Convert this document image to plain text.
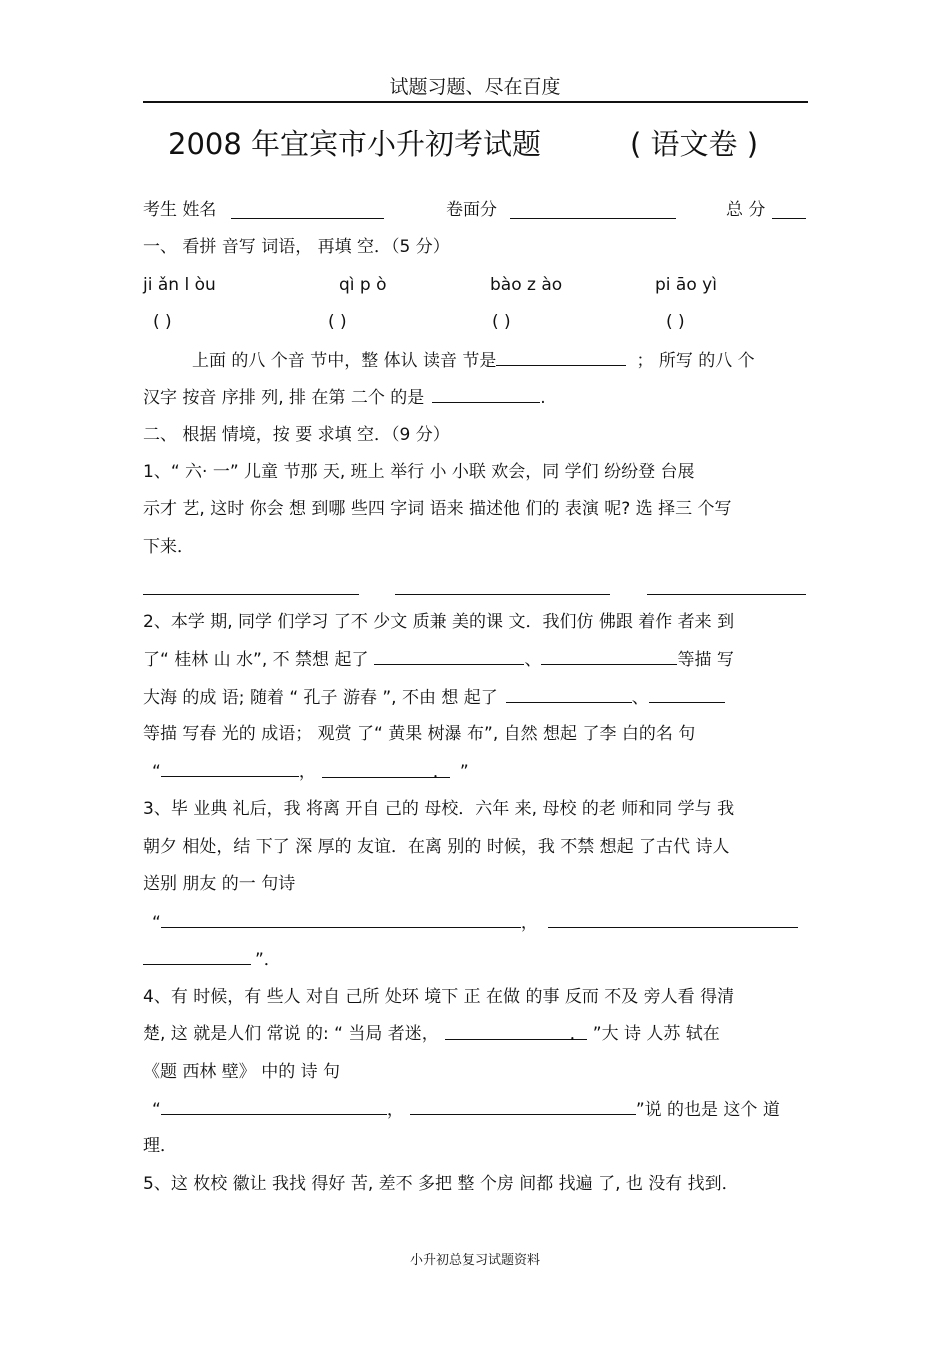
试题习题、尽在百度
2008 年宜宾市小升初考试题	( 语文卷 )
考生 姓名	卷面分	总 分
一、 看拼 音写 词语， 再填 空．（5 分）
ji ǎn l òu	qì p ò	bào z ào	pi āo yì
( )	( )	( )	( )
上面 的八 个音 节中，整 体认 读音 节是	； 所写 的八 个
汉字 按音 序排 列, 排 在第 二个 的是	.
二、 根据 情境，按 要 求填 空．（9 分）
1、“ 六· 一” 儿童 节那 天, 班上 举行 小 小联 欢会，同 学们 纷纷登 台展
示才 艺, 这时 你会 想 到哪 些四 字词 语来 描述他 们的 表演 呢? 选 择三 个写
下来．
2、本学 期, 同学 们学习 了不 少文 质兼 美的课 文．我们仿 佛跟 着作 者来 到
了“ 桂林 山 水”, 不 禁想 起了	、	等描 写
大海 的成 语; 随着 “ 孔子 游春 ”, 不由 想 起了	、
等描 写春 光的 成语； 观赏 了“ 黄果 树瀑 布”, 自然 想起 了李 白的名 句
“	，	． ”
3、毕 业典 礼后，我 将离 开自 己的 母校．六年 来, 母校 的老 师和同 学与 我
朝夕 相处，结 下了 深 厚的 友谊．在离 别的 时候，我 不禁 想起 了古代 诗人
送别 朋友 的一 句诗
“	，
”．
4、有 时候，有 些人 对自 己所 处环 境下 正 在做 的事 反而 不及 旁人看 得清
楚, 这 就是人们 常说 的: “ 当局 者迷，	． ”大 诗 人苏 轼在
《题 西林 壁》 中的 诗 句
“	，	”说 的也是 这个 道
理．
5、这 枚校 徽让 我找 得好 苦, 差不 多把 整 个房 间都 找遍 了, 也 没有 找到．
小升初总复习试题资料
